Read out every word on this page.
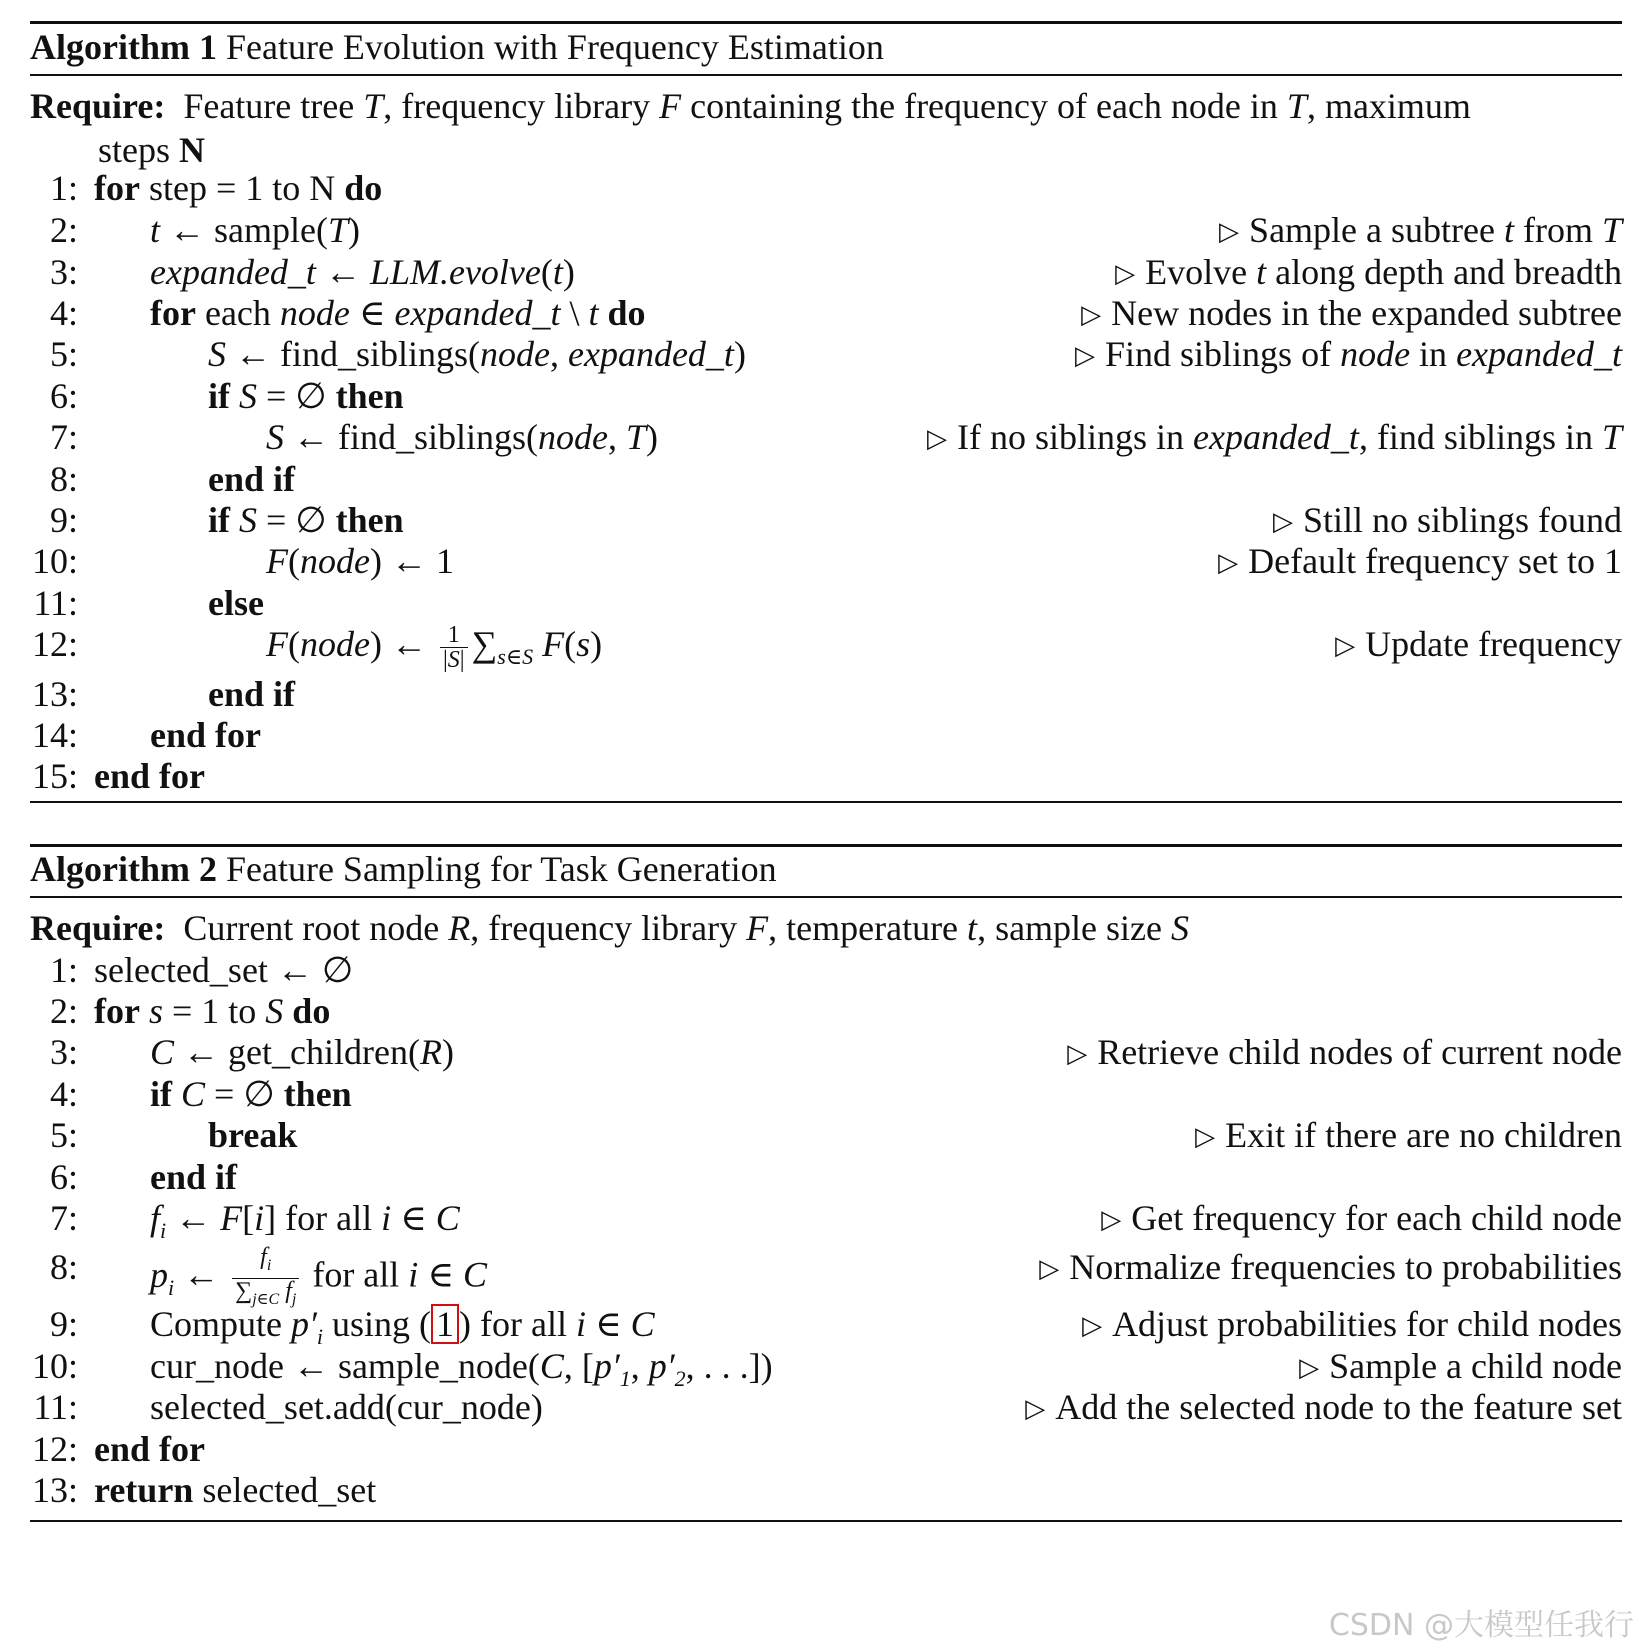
Algorithm 1 Feature Evolution with Frequency Estimation
Require:  Feature tree T, frequency library F containing the frequency of each node in T, maximum
steps N
1: for step = 1 to N do
2: t ← sample(T)	▷ Sample a subtree t from T
3: expanded_t ← LLM.evolve(t)	▷ Evolve t along depth and breadth
4: for each node ∈ expanded_t \ t do	▷ New nodes in the expanded subtree
5:	S ← find_siblings(node, expanded_t)	▷ Find siblings of node in expanded_t
6:	if S = ∅ then
7:	S ← find_siblings(node, T)	▷ If no siblings in expanded_t, find siblings in T
8:	end if
9:	if S = ∅ then	▷ Still no siblings found
10:	F(node) ← 1	▷ Default frequency set to 1
11:	else
12:	F(node) ← $\frac{1}{|S|} \sum_{s\in S}$ F(s)	▷ Update frequency
13:	end if
14: end for
15: end for
Algorithm 2 Feature Sampling for Task Generation
Require:  Current root node R, frequency library F, temperature t, sample size S
1: selected_set ← ∅
2: for s = 1 to S do
3: C ← get_children(R)	▷ Retrieve child nodes of current node
4: if C = ∅ then
5:	break	▷ Exit if there are no children
6: end if
7: $f_i$ ← F[i] for all i ∈ C	▷ Get frequency for each child node
8: $p_i$ ← $\frac{f_i}{\sum_{j\in C} f_j}$ for all i ∈ C	▷ Normalize frequencies to probabilities
9: Compute $p'_i$ using ( 1 ) for all i ∈ C	▷ Adjust probabilities for child nodes
10: cur_node ← sample_node(C, [$p'_1$, $p'_2$, . . .])	▷ Sample a child node
11: selected_set.add(cur_node)	▷ Add the selected node to the feature set
12: end for
13: return selected_set
CSDN @大模型任我行
